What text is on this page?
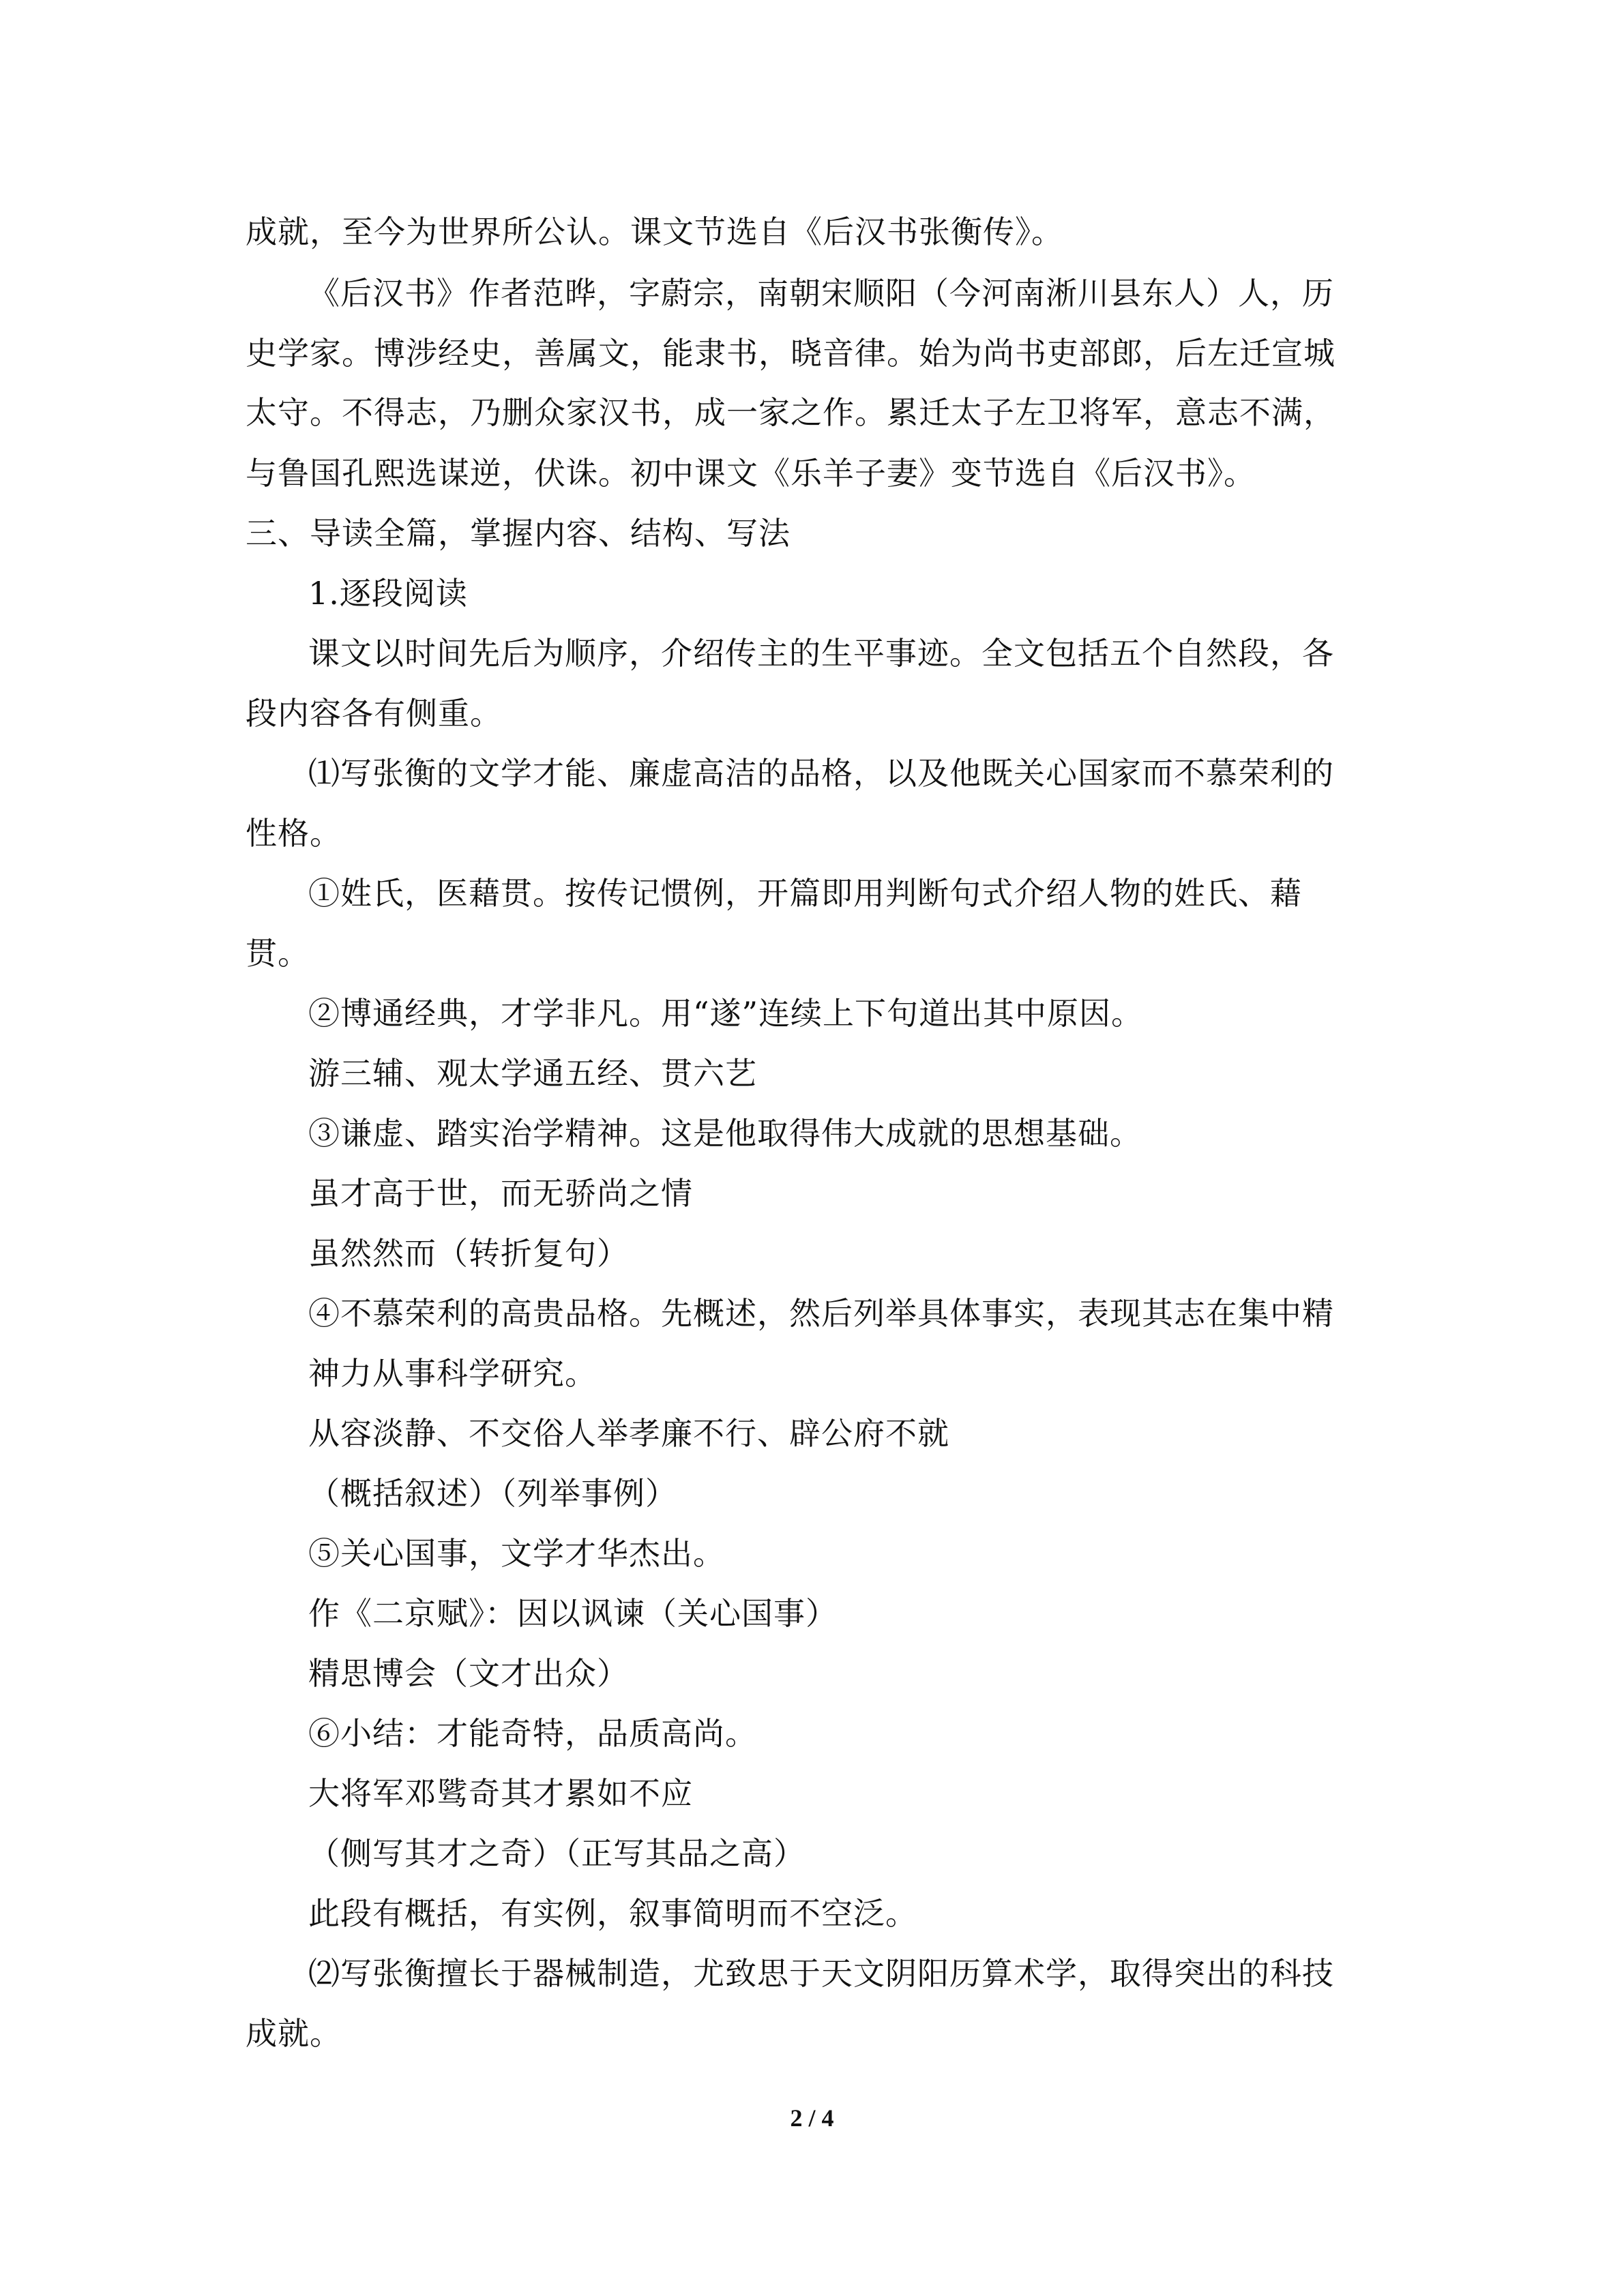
成就，至今为世界所公认。课文节选自《后汉书张衡传》。
《后汉书》作者范晔，字蔚宗，南朝宋顺阳（今河南淅川县东人）人，历
史学家。博涉经史，善属文，能隶书，晓音律。始为尚书吏部郎，后左迁宣城
太守。不得志，乃删众家汉书，成一家之作。累迁太子左卫将军，意志不满，
与鲁国孔熙选谋逆，伏诛。初中课文《乐羊子妻》变节选自《后汉书》。
三、导读全篇，掌握内容、结构、写法
1.逐段阅读
课文以时间先后为顺序，介绍传主的生平事迹。全文包括五个自然段，各
段内容各有侧重。
⑴写张衡的文学才能、廉虚高洁的品格，以及他既关心国家而不慕荣利的
性格。
①姓氏，医藉贯。按传记惯例，开篇即用判断句式介绍人物的姓氏、藉
贯。
②博通经典，才学非凡。用“遂”连续上下句道出其中原因。
游三辅、观太学通五经、贯六艺
③谦虚、踏实治学精神。这是他取得伟大成就的思想基础。
虽才高于世，而无骄尚之情
虽然然而（转折复句）
④不慕荣利的高贵品格。先概述，然后列举具体事实，表现其志在集中精
神力从事科学研究。
从容淡静、不交俗人举孝廉不行、辟公府不就
（概括叙述）（列举事例）
⑤关心国事，文学才华杰出。
作《二京赋》：因以讽谏（关心国事）
精思博会（文才出众）
⑥小结：才能奇特，品质高尚。
大将军邓骘奇其才累如不应
（侧写其才之奇）（正写其品之高）
此段有概括，有实例，叙事简明而不空泛。
⑵写张衡擅长于器械制造，尤致思于天文阴阳历算术学，取得突出的科技
成就。
2 / 4
